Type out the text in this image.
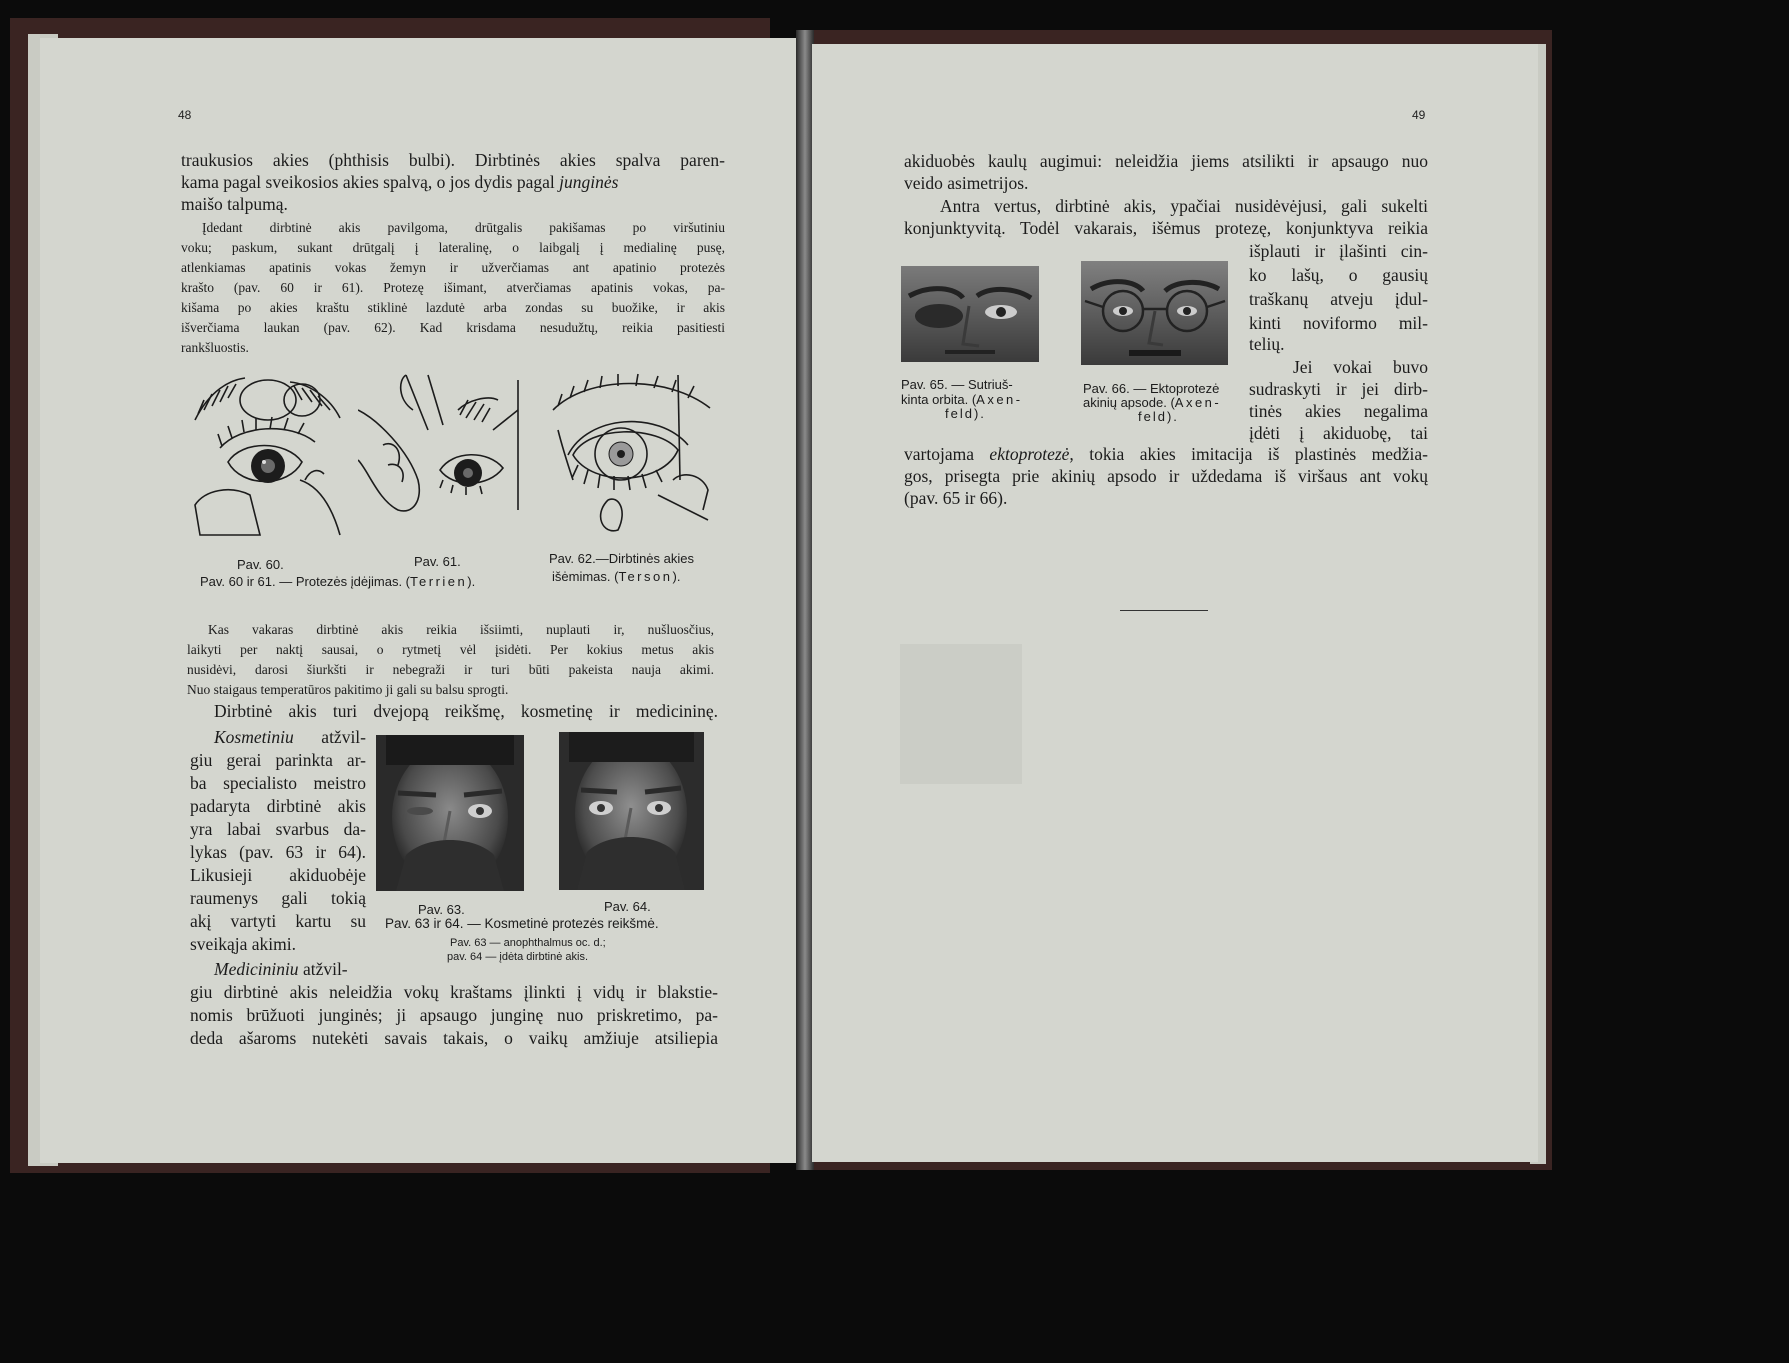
48

traukusios akies (phthisis bulbi). Dirbtinės akies spalva paren-

kama pagal sveikosios akies spalvą, o jos dydis pagal junginės

maišo talpumą.

Įdedant dirbtinė akis pavilgoma, drūtgalis pakišamas po viršutiniu

voku; paskum, sukant drūtgalį į lateralinę, o laibgalį į medialinę pusę,

atlenkiamas apatinis vokas žemyn ir užverčiamas ant apatinio protezės

kraštо (pav. 60 ir 61). Protezę išimant, atverčiamas apatinis vokas, pa-

kišama po akies kraštu stiklinė lazdutė arba zondas su buožike, ir akis

išverčiama laukan (pav. 62). Kad krisdama nesudužtų, reikia pasitiesti

rankšluostis.

Pav. 60.	Pav. 61.
Pav. 60 ir 61. — Protezės įdėjimas. (Terrien).
Pav. 62.—Dirbtinės akies
išėmimas. (Terson).

Kas vakaras dirbtinė akis reikia išsiimti, nuplauti ir, nušluosčius,

laikyti per naktį sausai, o rytmetį vėl įsidėti. Per kokius metus akis

nusidėvi, darosi šiurkšti ir nebegraži ir turi būti pakeista nauja akimi.

Nuo staigaus temperatūros pakitimo ji gali su balsu sprogti.

Dirbtinė akis turi dvejopą reikšmę, kosmetinę ir medicininę.

Kosmetiniu atžvil-

giu gerai parinkta ar-

ba specialisto meistro

padaryta dirbtinė akis

yra labai svarbus da-

lykas (pav. 63 ir 64).

Likusieji akiduobėje

raumenys gali tokią

akį vartyti kartu su

sveikąja akimi.

Pav. 63.	Pav. 64.
Pav. 63 ir 64. — Kosmetinė protezės reikšmė.
Pav. 63 — anophthalmus oc. d.;
pav. 64 — įdėta dirbtinė akis.

Medicininiu atžvil-

giu dirbtinė akis neleidžia vokų kraštams įlinkti į vidų ir blakstie-

nomis brūžuoti junginės; ji apsaugo junginę nuo priskretimo, pa-

deda ašaroms nutekėti savais takais, o vaikų amžiuje atsiliepia

49

akiduobės kaulų augimui: neleidžia jiems atsilikti ir apsaugo nuo

veido asimetrijos.

Antra vertus, dirbtinė akis, ypačiai nusidėvėjusi, gali sukelti

konjunktyvitą. Todėl vakarais, išėmus protezę, konjunktyva reikia

išplauti ir įlašinti cin-

ko lašų, o gausių

traškanų atveju įdul-

kinti noviformo mil-

telių.

Jei vokai buvo

sudraskyti ir jei dirb-

tinės akies negalima

įdėti į akiduobę, tai

vartojama ektoprotezė, tokia akies imitacija iš plastinės medžia-

gos, prisegta prie akinių apsodo ir uždedama iš viršaus ant vokų

(pav. 65 ir 66).

Pav. 65. — Sutriuš-
kinta orbita. (Axen-
feld).
Pav. 66. — Ektoprotezė
akinių apsode. (Axen-
feld).
